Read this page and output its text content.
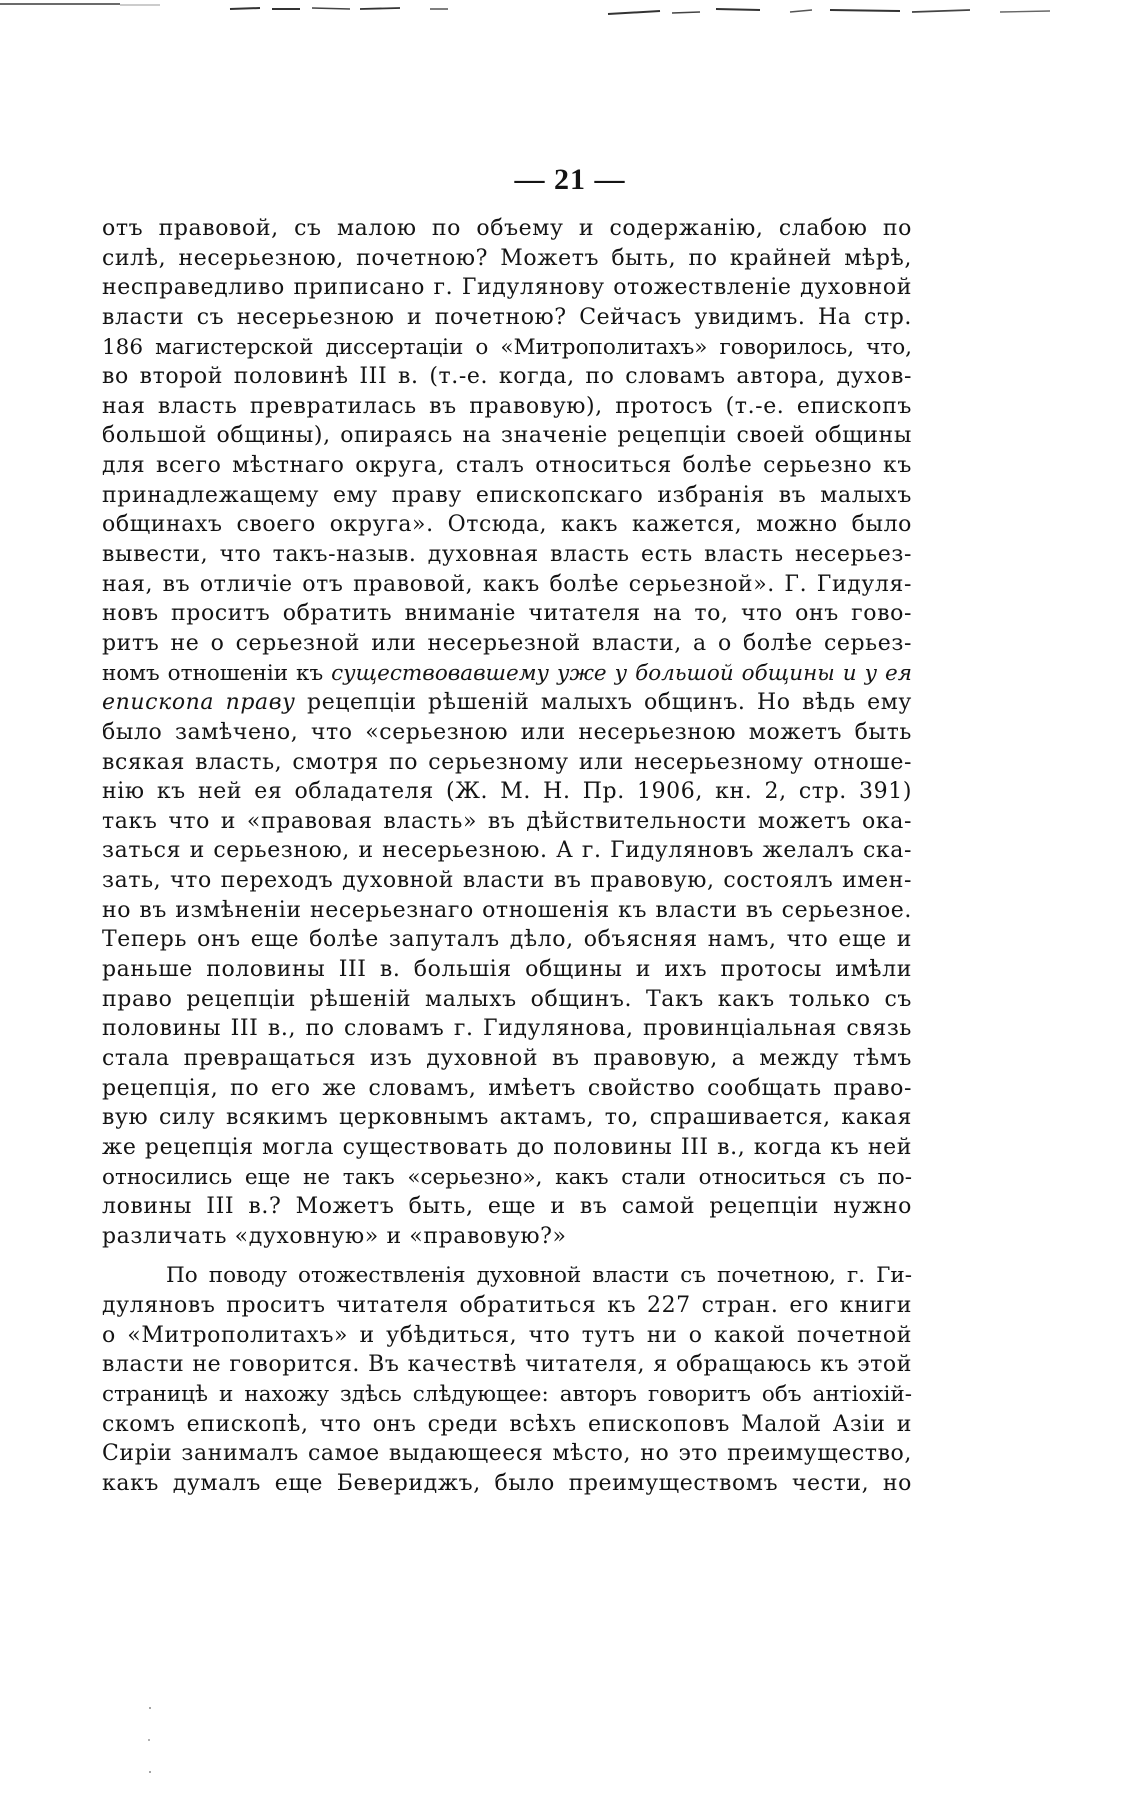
— 21 —
отъ правовой, съ малою по объему и содержанію, слабою по
силѣ, несерьезною, почетною? Можетъ быть, по крайней мѣрѣ,
несправедливо приписано г. Гидулянову отожествленіе духовной
власти съ несерьезною и почетною? Сейчасъ увидимъ. На стр.
186 магистерской диссертаціи о «Митрополитахъ» говорилось, что,
во второй половинѣ III в. (т.-е. когда, по словамъ автора, духов-
ная власть превратилась въ правовую), протосъ (т.-е. епископъ
большой общины), опираясь на значеніе рецепціи своей общины
для всего мѣстнаго округа, сталъ относиться болѣе серьезно къ
принадлежащему ему праву епископскаго избранія въ малыхъ
общинахъ своего округа». Отсюда, какъ кажется, можно было
вывести, что такъ-назыв. духовная власть есть власть несерьез-
ная, въ отличіе отъ правовой, какъ болѣе серьезной». Г. Гидуля-
новъ проситъ обратить вниманіе читателя на то, что онъ гово-
ритъ не о серьезной или несерьезной власти, а о болѣе серьез-
номъ отношеніи къ существовавшему уже у большой общины и у ея
епископа праву рецепціи рѣшеній малыхъ общинъ. Но вѣдь ему
было замѣчено, что «серьезною или несерьезною можетъ быть
всякая власть, смотря по серьезному или несерьезному отноше-
нію къ ней ея обладателя (Ж. М. Н. Пр. 1906, кн. 2, стр. 391)
такъ что и «правовая власть» въ дѣйствительности можетъ ока-
заться и серьезною, и несерьезною. А г. Гидуляновъ желалъ ска-
зать, что переходъ духовной власти въ правовую, состоялъ имен-
но въ измѣненіи несерьезнаго отношенія къ власти въ серьезное.
Теперь онъ еще болѣе запуталъ дѣло, объясняя намъ, что еще и
раньше половины III в. большія общины и ихъ протосы имѣли
право рецепціи рѣшеній малыхъ общинъ. Такъ какъ только съ
половины III в., по словамъ г. Гидулянова, провинціальная связь
стала превращаться изъ духовной въ правовую, а между тѣмъ
рецепція, по его же словамъ, имѣетъ свойство сообщать право-
вую силу всякимъ церковнымъ актамъ, то, спрашивается, какая
же рецепція могла существовать до половины III в., когда къ ней
относились еще не такъ «серьезно», какъ стали относиться съ по-
ловины III в.? Можетъ быть, еще и въ самой рецепціи нужно
различать «духовную» и «правовую?»
По поводу отожествленія духовной власти съ почетною, г. Ги-
дуляновъ проситъ читателя обратиться къ 227 стран. его книги
о «Митрополитахъ» и убѣдиться, что тутъ ни о какой почетной
власти не говорится. Въ качествѣ читателя, я обращаюсь къ этой
страницѣ и нахожу здѣсь слѣдующее: авторъ говоритъ объ антіохій-
скомъ епископѣ, что онъ среди всѣхъ епископовъ Малой Азіи и
Сиріи занималъ самое выдающееся мѣсто, но это преимущество,
какъ думалъ еще Бевериджъ, было преимуществомъ чести, но
